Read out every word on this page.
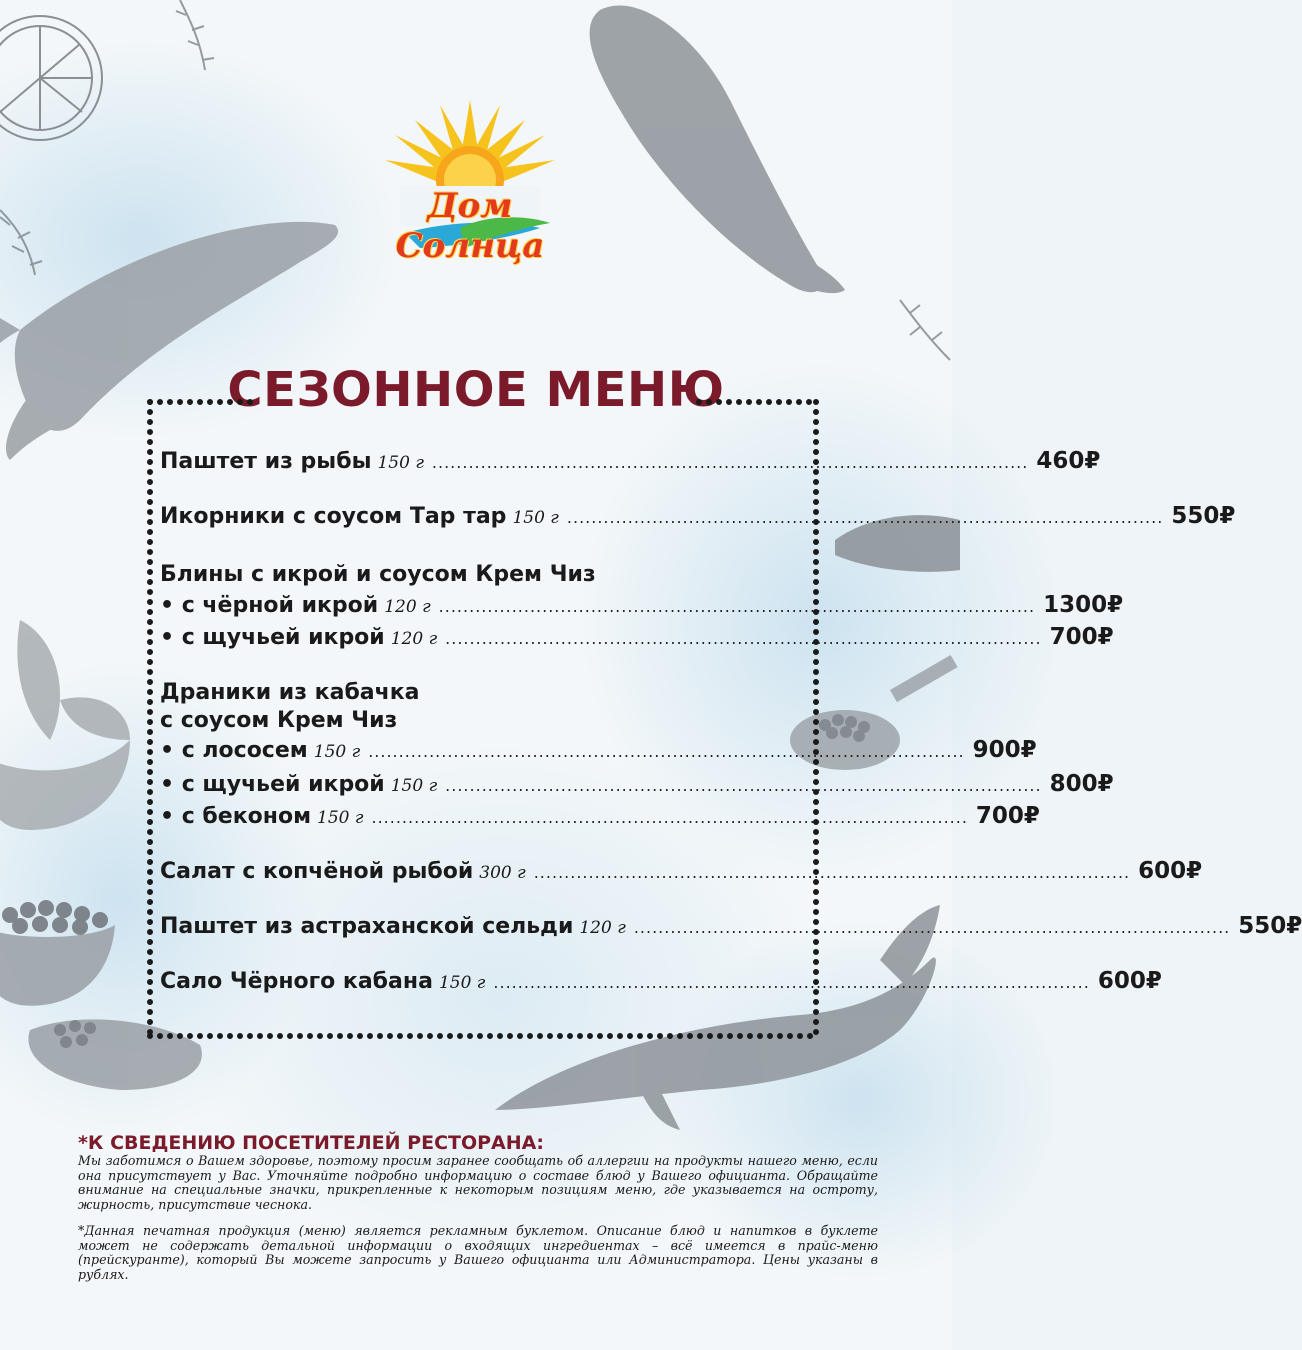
Дом Солнца
СЕЗОННОЕ МЕНЮ
Паштет из рыбы 150 г .................................................................................................. 460₽
Икорники с соусом Тар тар 150 г .................................................................................................. 550₽
Блины с икрой и соусом Крем Чиз
• с чёрной икрой 120 г .................................................................................................. 1300₽
• с щучьей икрой 120 г .................................................................................................. 700₽
Драники из кабачка
с соусом Крем Чиз
• с лососем 150 г .................................................................................................. 900₽
• с щучьей икрой 150 г .................................................................................................. 800₽
• с беконом 150 г .................................................................................................. 700₽
Салат с копчёной рыбой 300 г .................................................................................................. 600₽
Паштет из астраханской сельди 120 г .................................................................................................. 550₽
Сало Чёрного кабана 150 г .................................................................................................. 600₽
*К СВЕДЕНИЮ ПОСЕТИТЕЛЕЙ РЕСТОРАНА:

Мы заботимся о Вашем здоровье, поэтому просим заранее сообщать об аллергии на продукты нашего меню, если она присутствует у Вас. Уточняйте подробно информацию о составе блюд у Вашего официанта. Обращайте внимание на специальные значки, прикрепленные к некоторым позициям меню, где указывается на остроту, жирность, присутствие чеснока.

*Данная печатная продукция (меню) является рекламным буклетом. Описание блюд и напитков в буклете может не содержать детальной информации о входящих ингредиентах – всё имеется в прайс-меню (прейскуранте), который Вы можете запросить у Вашего официанта или Администратора. Цены указаны в рублях.
